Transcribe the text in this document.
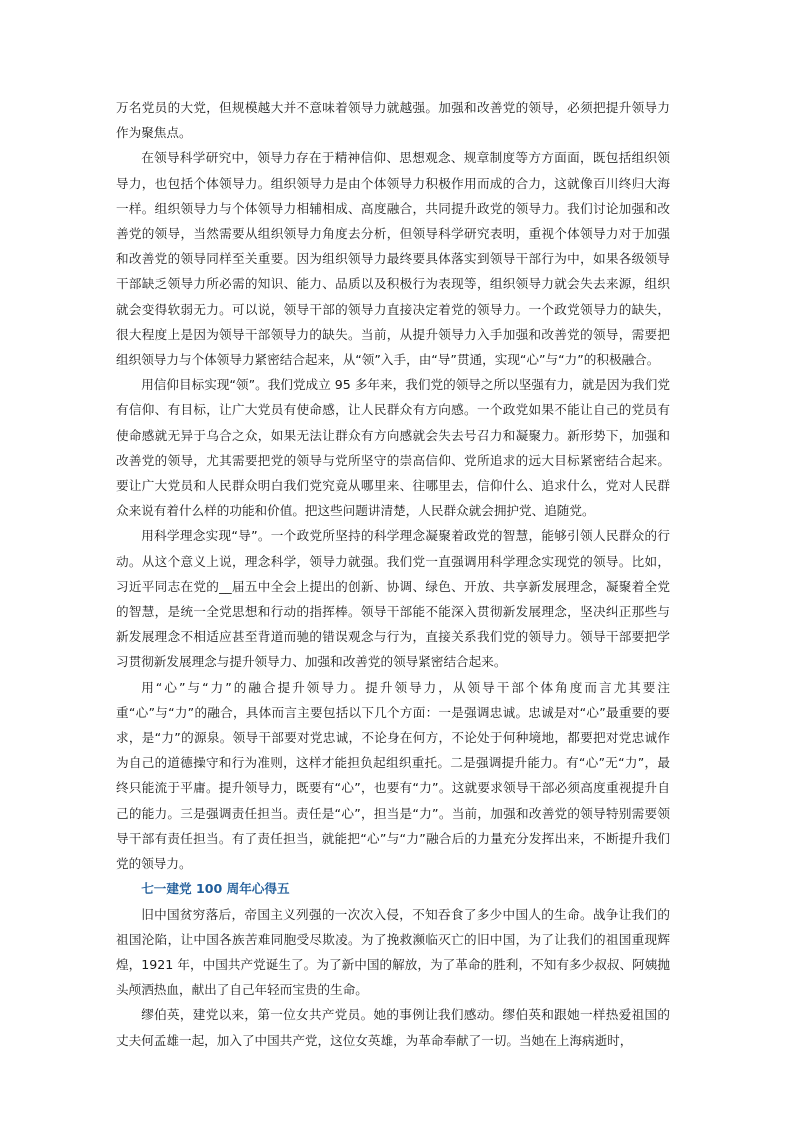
万名党员的大党，但规模越大并不意味着领导力就越强。加强和改善党的领导，必须把提升领导力作为聚焦点。

在领导科学研究中，领导力存在于精神信仰、思想观念、规章制度等方方面面，既包括组织领导力，也包括个体领导力。组织领导力是由个体领导力积极作用而成的合力，这就像百川终归大海一样。组织领导力与个体领导力相辅相成、高度融合，共同提升政党的领导力。我们讨论加强和改善党的领导，当然需要从组织领导力角度去分析，但领导科学研究表明，重视个体领导力对于加强和改善党的领导同样至关重要。因为组织领导力最终要具体落实到领导干部行为中，如果各级领导干部缺乏领导力所必需的知识、能力、品质以及积极行为表现等，组织领导力就会失去来源，组织就会变得软弱无力。可以说，领导干部的领导力直接决定着党的领导力。一个政党领导力的缺失，很大程度上是因为领导干部领导力的缺失。当前，从提升领导力入手加强和改善党的领导，需要把组织领导力与个体领导力紧密结合起来，从“领”入手，由“导”贯通，实现“心”与“力”的积极融合。

用信仰目标实现“领”。我们党成立 95 多年来，我们党的领导之所以坚强有力，就是因为我们党有信仰、有目标，让广大党员有使命感，让人民群众有方向感。一个政党如果不能让自己的党员有使命感就无异于乌合之众，如果无法让群众有方向感就会失去号召力和凝聚力。新形势下，加强和改善党的领导，尤其需要把党的领导与党所坚守的崇高信仰、党所追求的远大目标紧密结合起来。要让广大党员和人民群众明白我们党究竟从哪里来、往哪里去，信仰什么、追求什么，党对人民群众来说有着什么样的功能和价值。把这些问题讲清楚，人民群众就会拥护党、追随党。

用科学理念实现“导”。一个政党所坚持的科学理念凝聚着政党的智慧，能够引领人民群众的行动。从这个意义上说，理念科学，领导力就强。我们党一直强调用科学理念实现党的领导。比如，习近平同志在党的__届五中全会上提出的创新、协调、绿色、开放、共享新发展理念，凝聚着全党的智慧，是统一全党思想和行动的指挥棒。领导干部能不能深入贯彻新发展理念，坚决纠正那些与新发展理念不相适应甚至背道而驰的错误观念与行为，直接关系我们党的领导力。领导干部要把学习贯彻新发展理念与提升领导力、加强和改善党的领导紧密结合起来。

用“心”与“力”的融合提升领导力。提升领导力，从领导干部个体角度而言尤其要注重“心”与“力”的融合，具体而言主要包括以下几个方面：一是强调忠诚。忠诚是对“心”最重要的要求，是“力”的源泉。领导干部要对党忠诚，不论身在何方，不论处于何种境地，都要把对党忠诚作为自己的道德操守和行为准则，这样才能担负起组织重托。二是强调提升能力。有“心”无“力”，最终只能流于平庸。提升领导力，既要有“心”，也要有“力”。这就要求领导干部必须高度重视提升自己的能力。三是强调责任担当。责任是“心”，担当是“力”。当前，加强和改善党的领导特别需要领导干部有责任担当。有了责任担当，就能把“心”与“力”融合后的力量充分发挥出来，不断提升我们党的领导力。

七一建党 100 周年心得五

旧中国贫穷落后，帝国主义列强的一次次入侵，不知吞食了多少中国人的生命。战争让我们的祖国沦陷，让中国各族苦难同胞受尽欺凌。为了挽救濒临灭亡的旧中国，为了让我们的祖国重现辉煌，1921 年，中国共产党诞生了。为了新中国的解放，为了革命的胜利，不知有多少叔叔、阿姨抛头颅洒热血，献出了自己年轻而宝贵的生命。

缪伯英，建党以来，第一位女共产党员。她的事例让我们感动。缪伯英和跟她一样热爱祖国的丈夫何孟雄一起，加入了中国共产党，这位女英雄，为革命奉献了一切。当她在上海病逝时，
